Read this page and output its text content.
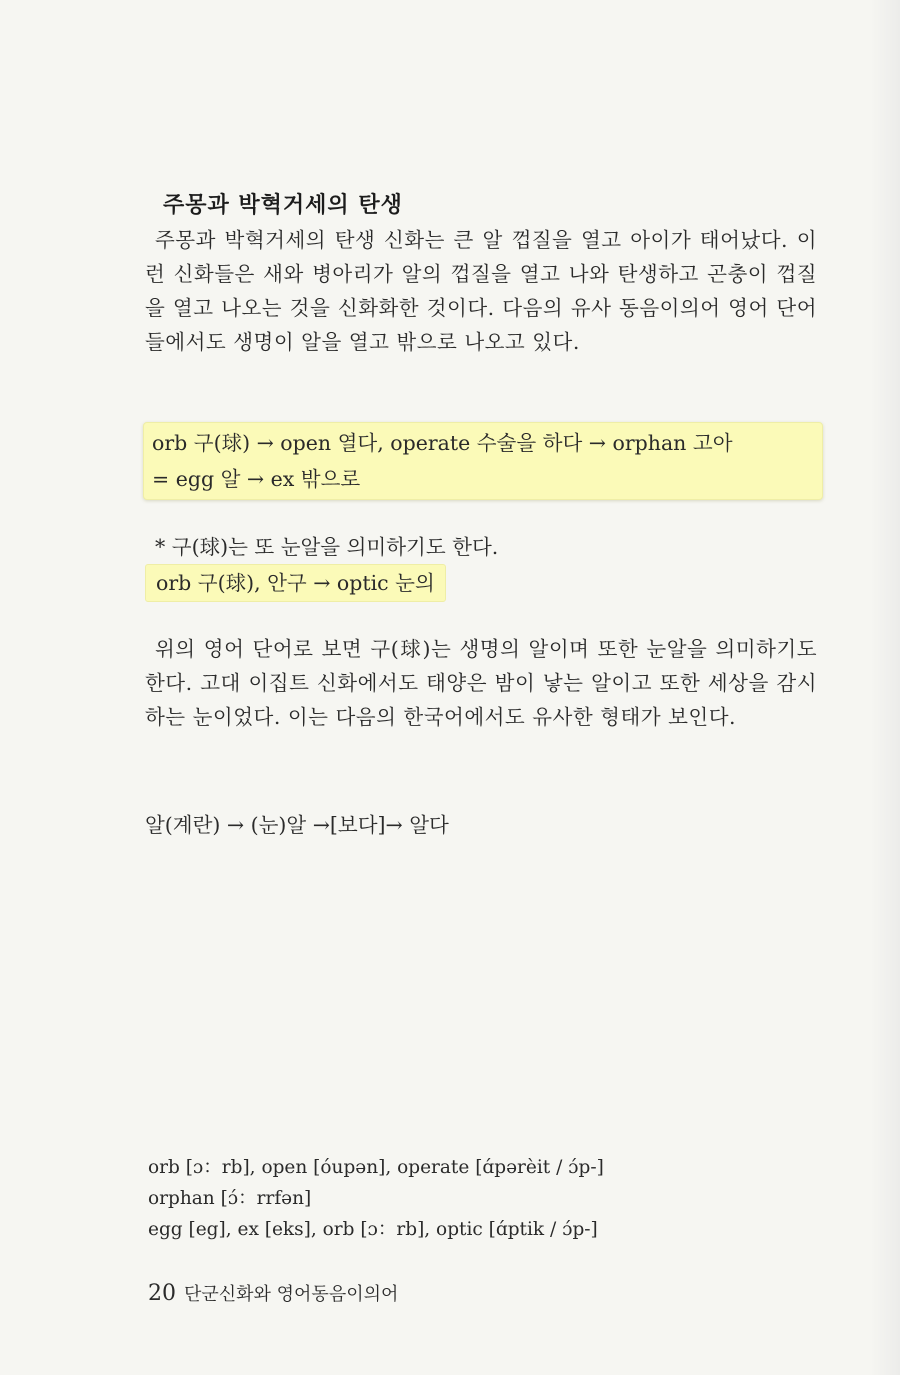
주몽과 박혁거세의 탄생

주몽과 박혁거세의 탄생 신화는 큰 알 껍질을 열고 아이가 태어났다. 이런 신화들은 새와 병아리가 알의 껍질을 열고 나와 탄생하고 곤충이 껍질을 열고 나오는 것을 신화화한 것이다. 다음의 유사 동음이의어 영어 단어들에서도 생명이 알을 열고 밖으로 나오고 있다.

orb 구(球) → open 열다, operate 수술을 하다 → orphan 고아

= egg 알 → ex 밖으로

* 구(球)는 또 눈알을 의미하기도 한다.

orb 구(球), 안구 → optic 눈의

위의 영어 단어로 보면 구(球)는 생명의 알이며 또한 눈알을 의미하기도 한다. 고대 이집트 신화에서도 태양은 밤이 낳는 알이고 또한 세상을 감시하는 눈이었다. 이는 다음의 한국어에서도 유사한 형태가 보인다.

알(계란) → (눈)알 →[보다]→ 알다

orb [ɔ：rb], open [óupən], operate [ɑ́pərèit / ɔ́p-]

orphan [ɔ́：rrfən]

egg [eg], ex [eks], orb [ɔ：rb], optic [ɑ́ptik / ɔ́p-]

20 단군신화와 영어동음이의어
